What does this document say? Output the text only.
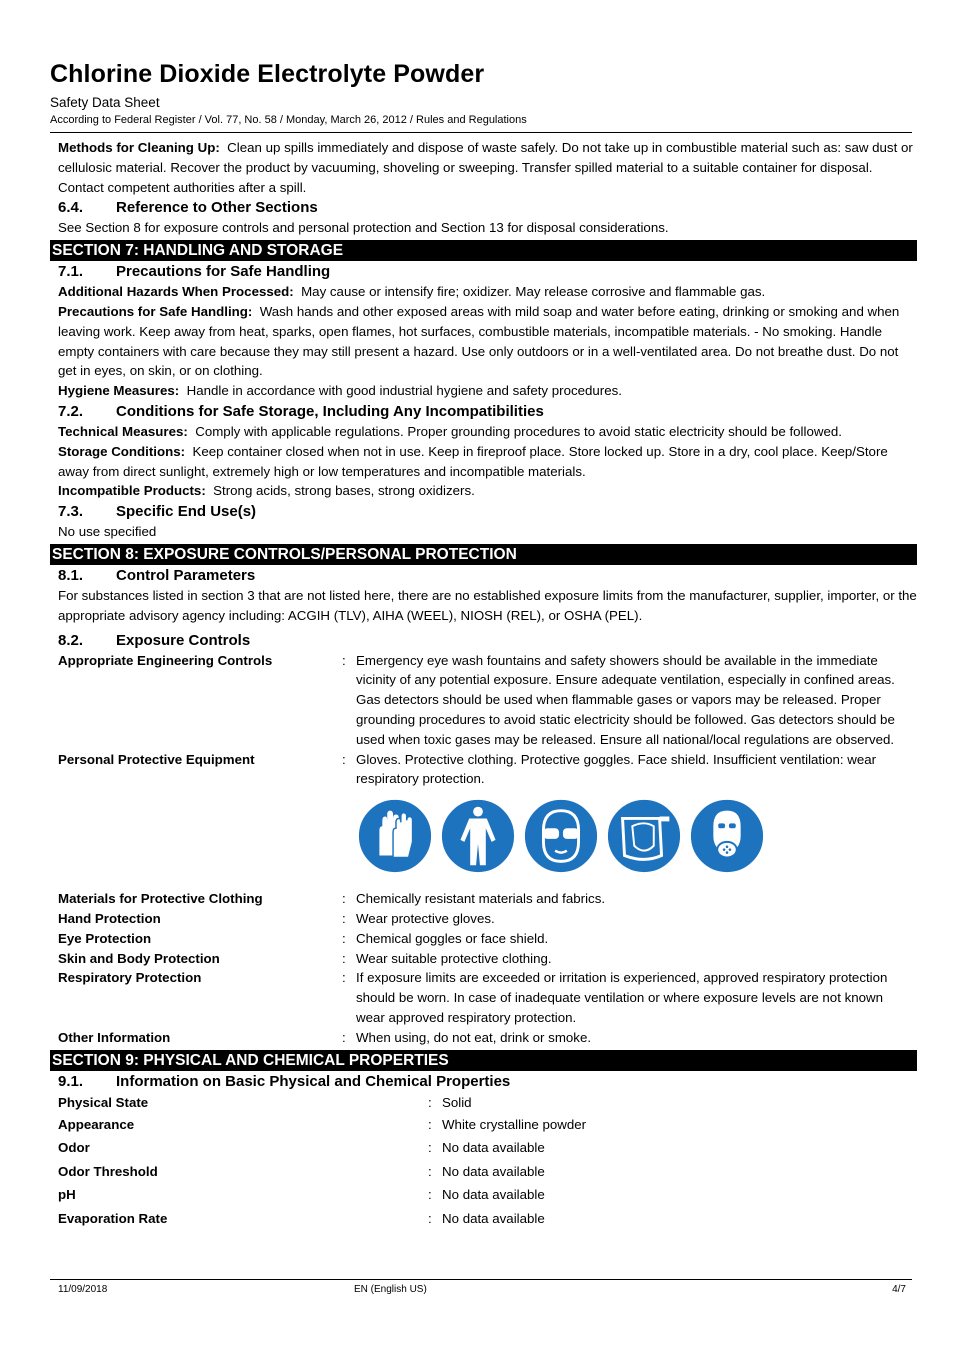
Chlorine Dioxide Electrolyte Powder
Safety Data Sheet
According to Federal Register / Vol. 77, No. 58 / Monday, March 26, 2012 / Rules and Regulations

Methods for Cleaning Up: Clean up spills immediately and dispose of waste safely. Do not take up in combustible material such as: saw dust or cellulosic material. Recover the product by vacuuming, shoveling or sweeping. Transfer spilled material to a suitable container for disposal. Contact competent authorities after a spill.

6.4. Reference to Other Sections

See Section 8 for exposure controls and personal protection and Section 13 for disposal considerations.

SECTION 7: HANDLING AND STORAGE

7.1. Precautions for Safe Handling

Additional Hazards When Processed: May cause or intensify fire; oxidizer. May release corrosive and flammable gas.

Precautions for Safe Handling: Wash hands and other exposed areas with mild soap and water before eating, drinking or smoking and when leaving work. Keep away from heat, sparks, open flames, hot surfaces, combustible materials, incompatible materials. - No smoking. Handle empty containers with care because they may still present a hazard. Use only outdoors or in a well-ventilated area. Do not breathe dust. Do not get in eyes, on skin, or on clothing.

Hygiene Measures: Handle in accordance with good industrial hygiene and safety procedures.

7.2. Conditions for Safe Storage, Including Any Incompatibilities

Technical Measures: Comply with applicable regulations. Proper grounding procedures to avoid static electricity should be followed.

Storage Conditions: Keep container closed when not in use. Keep in fireproof place. Store locked up. Store in a dry, cool place. Keep/Store away from direct sunlight, extremely high or low temperatures and incompatible materials.

Incompatible Products: Strong acids, strong bases, strong oxidizers.

7.3. Specific End Use(s)

No use specified

SECTION 8: EXPOSURE CONTROLS/PERSONAL PROTECTION

8.1. Control Parameters

For substances listed in section 3 that are not listed here, there are no established exposure limits from the manufacturer, supplier, importer, or the appropriate advisory agency including: ACGIH (TLV), AIHA (WEEL), NIOSH (REL), or OSHA (PEL).

8.2. Exposure Controls

Appropriate Engineering Controls	: Emergency eye wash fountains and safety showers should be available in the immediate vicinity of any potential exposure. Ensure adequate ventilation, especially in confined areas. Gas detectors should be used when flammable gases or vapors may be released. Proper grounding procedures to avoid static electricity should be followed. Gas detectors should be used when toxic gases may be released. Ensure all national/local regulations are observed.
Personal Protective Equipment	: Gloves. Protective clothing. Protective goggles. Face shield. Insufficient ventilation: wear respiratory protection.
Materials for Protective Clothing	: Chemically resistant materials and fabrics.
Hand Protection	: Wear protective gloves.
Eye Protection	: Chemical goggles or face shield.
Skin and Body Protection	: Wear suitable protective clothing.
Respiratory Protection	: If exposure limits are exceeded or irritation is experienced, approved respiratory protection should be worn. In case of inadequate ventilation or where exposure levels are not known wear approved respiratory protection.
Other Information	: When using, do not eat, drink or smoke.
SECTION 9: PHYSICAL AND CHEMICAL PROPERTIES

9.1. Information on Basic Physical and Chemical Properties

Physical State	: Solid
Appearance	: White crystalline powder
Odor	: No data available
Odor Threshold	: No data available
pH	: No data available
Evaporation Rate	: No data available
11/09/2018	EN (English US)	4/7
